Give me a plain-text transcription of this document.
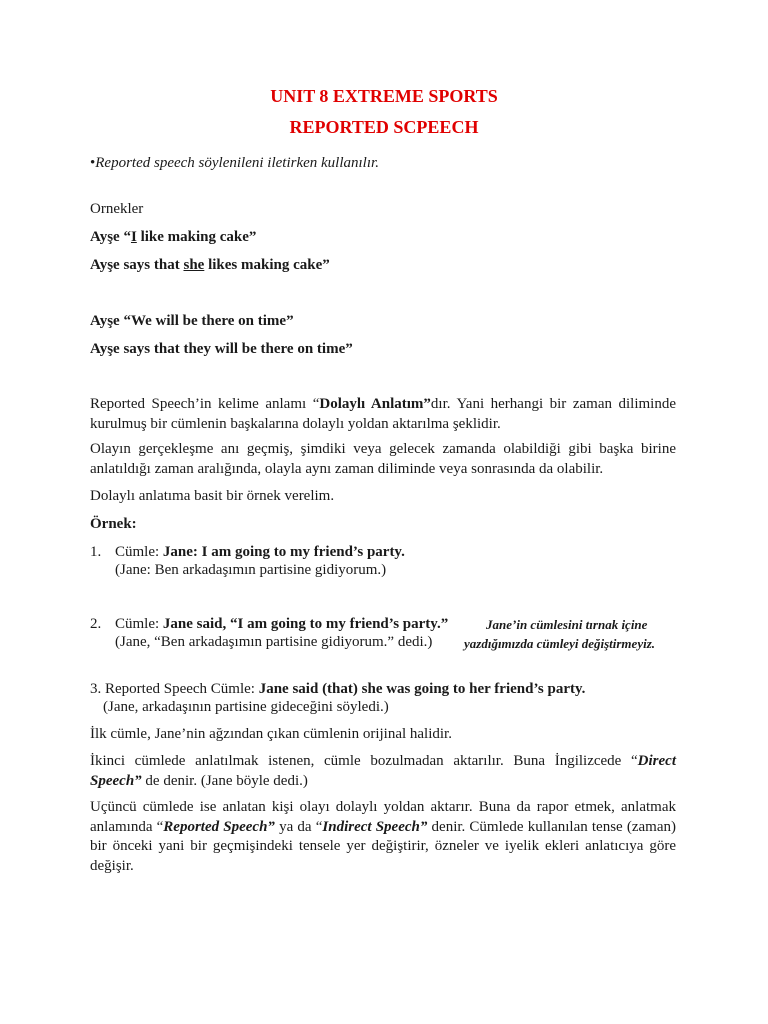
UNIT 8 EXTREME SPORTS
REPORTED SCPEECH
•Reported speech söylenileni iletirken kullanılır.
Ornekler
Ayşe “I like making cake”
Ayşe says that she likes making cake”
Ayşe “We will be there on time”
Ayşe says that they will be there on time”

Reported Speech’in kelime anlamı “Dolaylı Anlatım”dır. Yani herhangi bir zaman diliminde kurulmuş bir cümlenin başkalarına dolaylı yoldan aktarılma şeklidir.

Olayın gerçekleşme anı geçmiş, şimdiki veya gelecek zamanda olabildiği gibi başka birine anlatıldığı zaman aralığında, olayla aynı zaman diliminde veya sonrasında da olabilir.

Dolaylı anlatıma basit bir örnek verelim.
Örnek:
1. Cümle: Jane: I am going to my friend’s party.
(Jane: Ben arkadaşımın partisine gidiyorum.)
2. Cümle: Jane said, “I am going to my friend’s party.”
(Jane, “Ben arkadaşımın partisine gidiyorum.” dedi.)
Jane’in cümlesini tırnak içine
yazdığımızda cümleyi değiştirmeyiz.
3. Reported Speech Cümle: Jane said (that) she was going to her friend’s party.
(Jane, arkadaşının partisine gideceğini söyledi.)
İlk cümle, Jane’nin ağzından çıkan cümlenin orijinal halidir.

İkinci cümlede anlatılmak istenen, cümle bozulmadan aktarılır. Buna İngilizcede “Direct Speech” de denir. (Jane böyle dedi.)

Uçüncü cümlede ise anlatan kişi olayı dolaylı yoldan aktarır. Buna da rapor etmek, anlatmak anlamında “Reported Speech” ya da “Indirect Speech” denir. Cümlede kullanılan tense (zaman) bir önceki yani bir geçmişindeki tensele yer değiştirir, özneler ve iyelik ekleri anlatıcıya göre değişir.
